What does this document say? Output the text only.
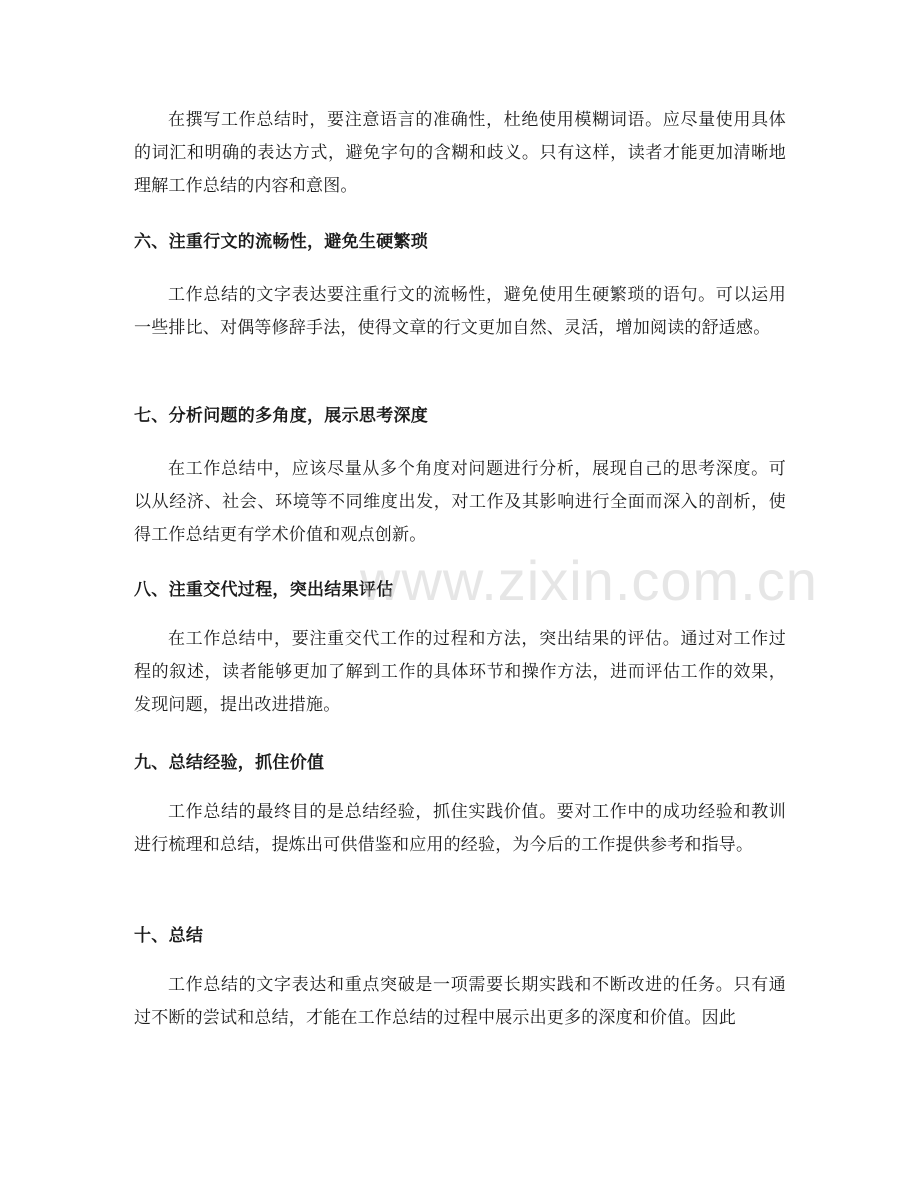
在撰写工作总结时，要注意语言的准确性，杜绝使用模糊词语。应尽量使用具体的词汇和明确的表达方式，避免字句的含糊和歧义。只有这样，读者才能更加清晰地理解工作总结的内容和意图。

六、注重行文的流畅性，避免生硬繁琐

工作总结的文字表达要注重行文的流畅性，避免使用生硬繁琐的语句。可以运用一些排比、对偶等修辞手法，使得文章的行文更加自然、灵活，增加阅读的舒适感。

七、分析问题的多角度，展示思考深度

在工作总结中，应该尽量从多个角度对问题进行分析，展现自己的思考深度。可以从经济、社会、环境等不同维度出发，对工作及其影响进行全面而深入的剖析，使得工作总结更有学术价值和观点创新。

八、注重交代过程，突出结果评估

在工作总结中，要注重交代工作的过程和方法，突出结果的评估。通过对工作过程的叙述，读者能够更加了解到工作的具体环节和操作方法，进而评估工作的效果，发现问题，提出改进措施。

九、总结经验，抓住价值

工作总结的最终目的是总结经验，抓住实践价值。要对工作中的成功经验和教训进行梳理和总结，提炼出可供借鉴和应用的经验，为今后的工作提供参考和指导。

十、总结

工作总结的文字表达和重点突破是一项需要长期实践和不断改进的任务。只有通过不断的尝试和总结，才能在工作总结的过程中展示出更多的深度和价值。因此

www.zixin.com.cn
